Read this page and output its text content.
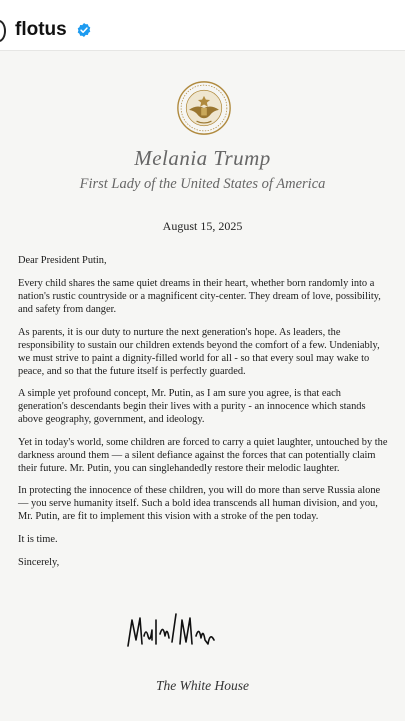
flotus
Melania Trump
First Lady of the United States of America
August 15, 2025

Dear President Putin,

Every child shares the same quiet dreams in their heart, whether born randomly into a nation's rustic countryside or a magnificent city-center. They dream of love, possibility, and safety from danger.

As parents, it is our duty to nurture the next generation's hope. As leaders, the responsibility to sustain our children extends beyond the comfort of a few. Undeniably, we must strive to paint a dignity-filled world for all - so that every soul may wake to peace, and so that the future itself is perfectly guarded.

A simple yet profound concept, Mr. Putin, as I am sure you agree, is that each generation's descendants begin their lives with a purity - an innocence which stands above geography, government, and ideology.

Yet in today's world, some children are forced to carry a quiet laughter, untouched by the darkness around them — a silent defiance against the forces that can potentially claim their future. Mr. Putin, you can singlehandedly restore their melodic laughter.

In protecting the innocence of these children, you will do more than serve Russia alone — you serve humanity itself. Such a bold idea transcends all human division, and you, Mr. Putin, are fit to implement this vision with a stroke of the pen today.

It is time.

Sincerely,

The White House
